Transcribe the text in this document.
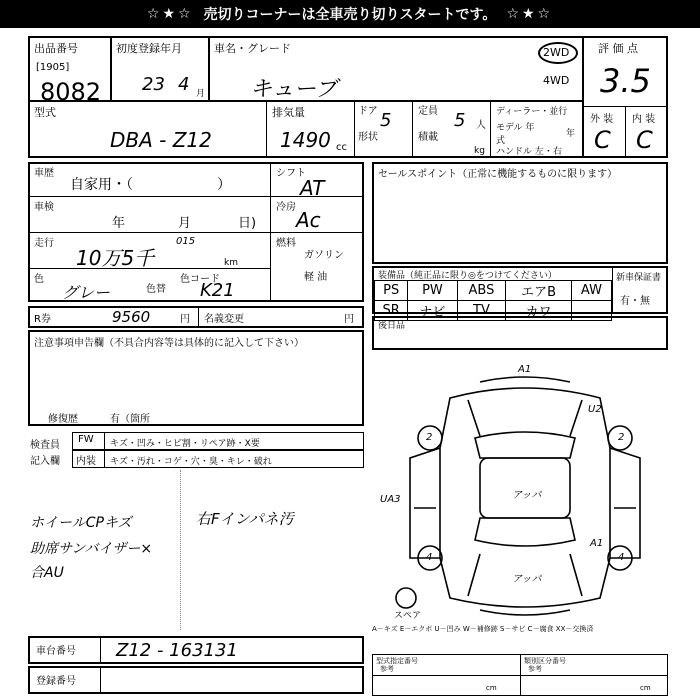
☆★☆ 売切りコーナーは全車売り切りスタートです。 ☆★☆
出品番号
[1905]
8082
初度登録年月
23 4 月
車名・グレード
キューブ
2WD
4WD
評 価 点
3.5
外 装 内 装
C C
型式
DBA - Z12
排気量
1490 cc
ドア 5
形状
定員 5 人
積載
kg
ディーラー・並行
モデル 年式
年
ハンドル 左・右
車歴
自家用・（　　　　　　）
シフト
AT
車検
年	月	日)
冷房
Ac
走行
10万5千
015
km
燃料
ガソリン
軽 油
色
グレー	色替
色コード
K21
R券	9560	円 名義変更	円
注意事項申告欄（不具合内容等は具体的に記入して下さい）
修復歴	有（箇所
セールスポイント（正常に機能するものに限ります）
装備品（純正品に限り◎をつけてください）	新車保証書
有・無
PS	PW	ABS	エアB	AW
SR	ナビ	TV	カワ	
後日品
検査員
記入欄
FW キズ・凹み・ヒビ割・リペア跡・X要
内装 キズ・汚れ・コゲ・穴・臭・キレ・破れ
ホイールCPキズ	右Fインパネ汚
助席サンバイザー×
合AU
A1
U2
UA3
A1
アッパ
アッパ
2	2
4	4
スペア
A－キズ E－エクボ U－凹み W－補修跡 S－サビ C－腐食 XX－交換済
車台番号 Z12 - 163131
登録番号
型式指定番号
参考
類別区分番号
参考
cm	cm
